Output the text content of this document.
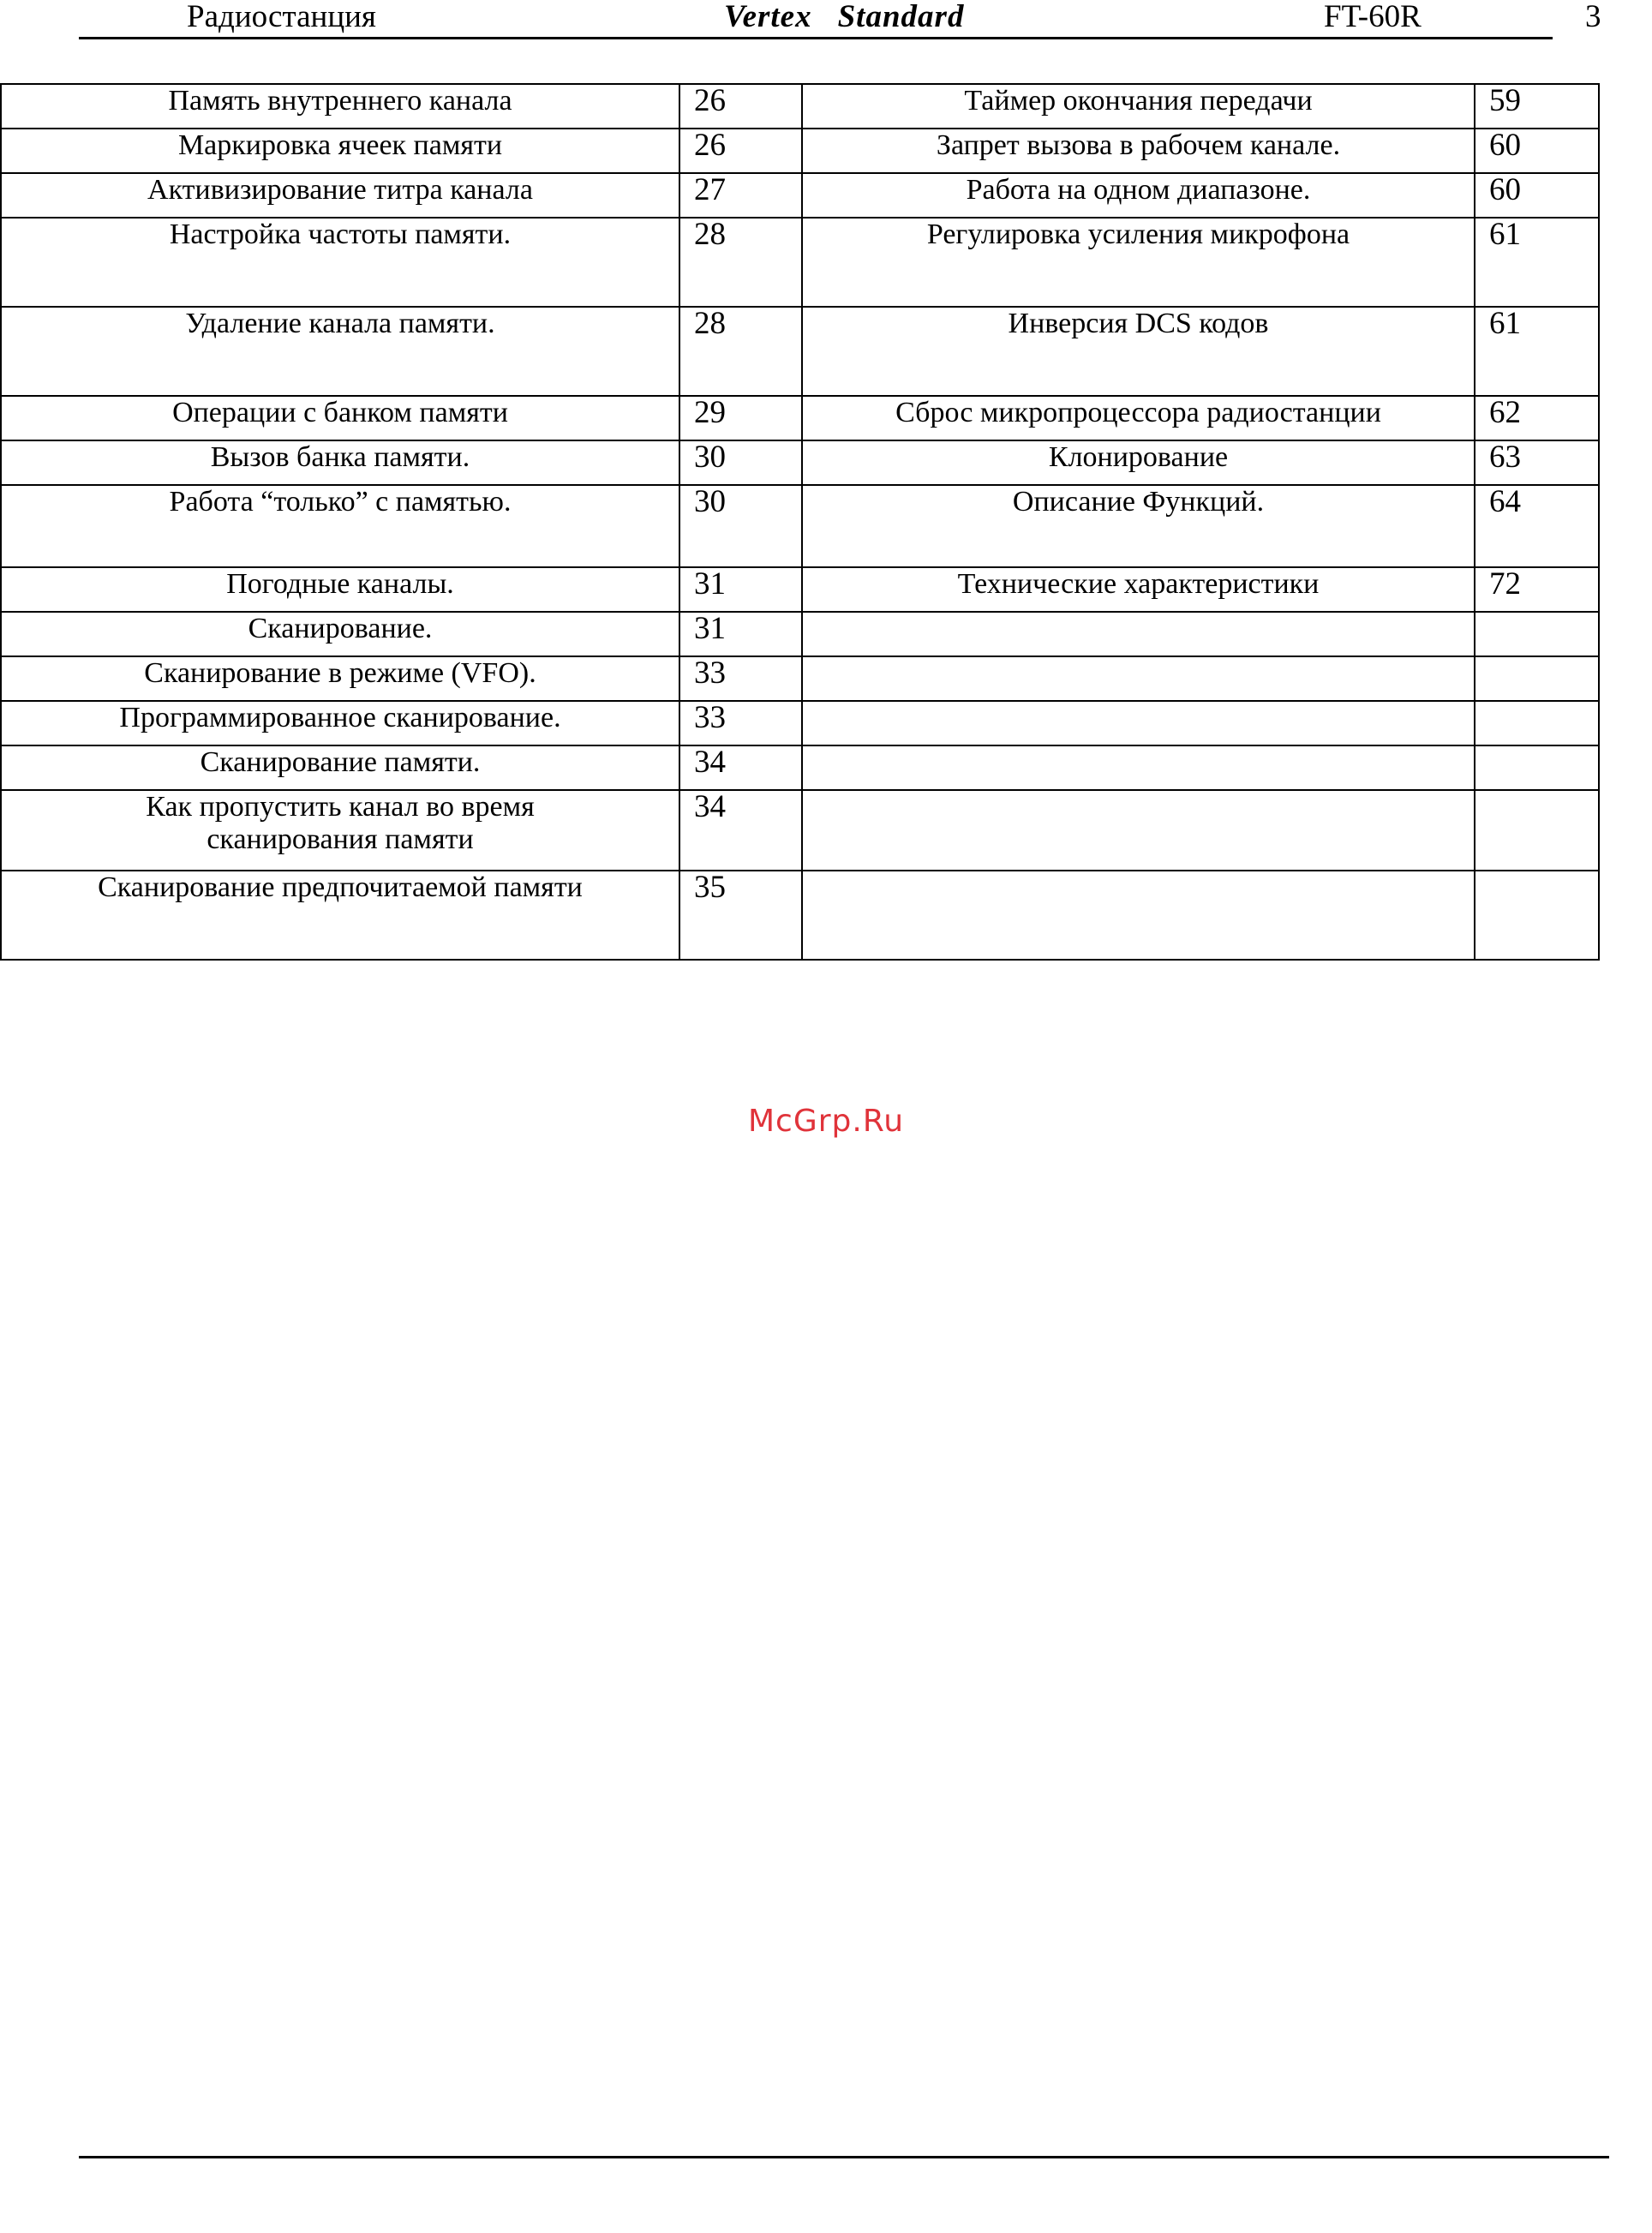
Радиостанция	Vertex Standard	FT-60R	3
Память внутреннего канала	26	Таймер окончания передачи	59
Маркировка ячеек памяти	26	Запрет вызова в рабочем канале.	60
Активизирование титра канала	27	Работа на одном диапазоне.	60
Настройка частоты памяти.	28	Регулировка усиления микрофона	61
Удаление канала памяти.	28	Инверсия DCS кодов	61
Операции с банком памяти	29	Сброс микропроцессора радиостанции	62
Вызов банка памяти.	30	Клонирование	63
Работа “только” с памятью.	30	Описание Функций.	64
Погодные каналы.	31	Технические характеристики	72
Сканирование.	31		
Сканирование в режиме (VFO).	33		
Программированное сканирование.	33		
Сканирование памяти.	34		
Как пропустить канал во время сканирования памяти	34		
Сканирование предпочитаемой памяти	35		
McGrp.Ru
